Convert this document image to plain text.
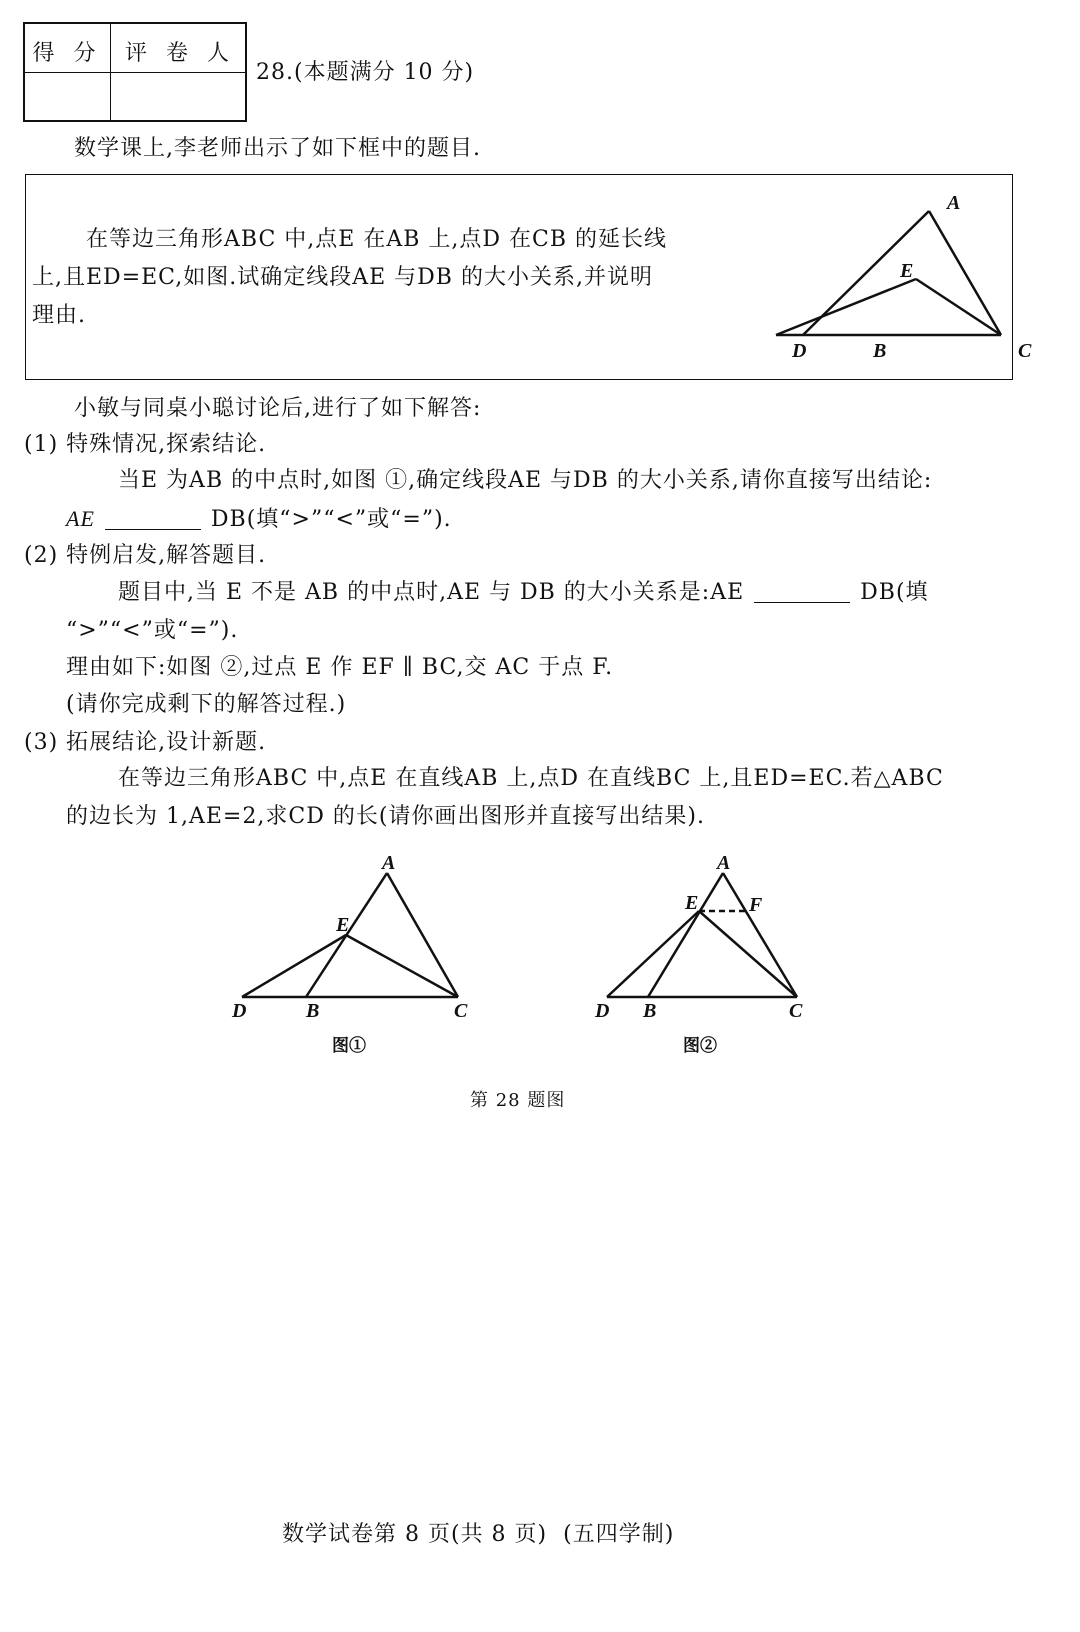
得 分	评 卷 人
28.(本题满分 10 分)
数学课上,李老师出示了如下框中的题目.
在等边三角形ABC 中,点E 在AB 上,点D 在CB 的延长线
上,且ED=EC,如图.试确定线段AE 与DB 的大小关系,并说明
理由.
A
E
D	B	C
小敏与同桌小聪讨论后,进行了如下解答:
(1) 特殊情况,探索结论.
当E 为AB 的中点时,如图 ①,确定线段AE 与DB 的大小关系,请你直接写出结论:
AE	DB(填“>”“<”或“=”).
(2) 特例启发,解答题目.
题目中,当 E 不是 AB 的中点时,AE 与 DB 的大小关系是:AE	DB(填
“>”“<”或“=”).
理由如下:如图 ②,过点 E 作 EF ∥ BC,交 AC 于点 F.
(请你完成剩下的解答过程.)
(3) 拓展结论,设计新题.
在等边三角形ABC 中,点E 在直线AB 上,点D 在直线BC 上,且ED=EC.若△ABC
的边长为 1,AE=2,求CD 的长(请你画出图形并直接写出结果).
A
E
D	B	C
图①
A
E	F
D B	C
图②
第 28 题图
数学试卷第 8 页(共 8 页)  (五四学制)
